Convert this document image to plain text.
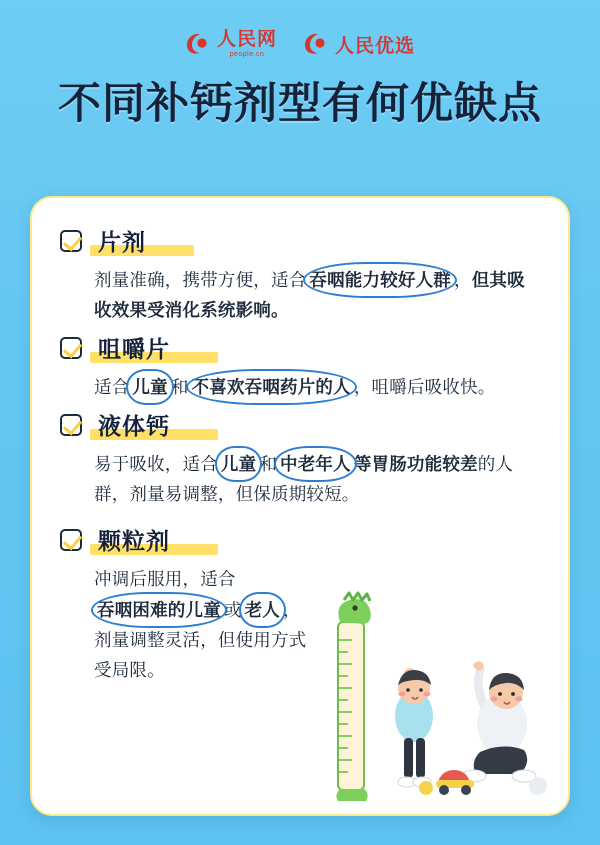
人民网
people.cn	人民优选
不同补钙剂型有何优缺点
片剂
剂量准确，携带方便，适合 吞咽能力较好人群 ，但其吸收效果受消化系统影响。
咀嚼片
适合 儿童 和 不喜欢吞咽药片的人 ，咀嚼后吸收快。
液体钙
易于吸收，适合 儿童 和 中老年人 等胃肠功能较差的人群，剂量易调整，但保质期较短。
颗粒剂
冲调后服用，适合吞咽困难的儿童 或 老人 ，剂量调整灵活，但使用方式受局限。
